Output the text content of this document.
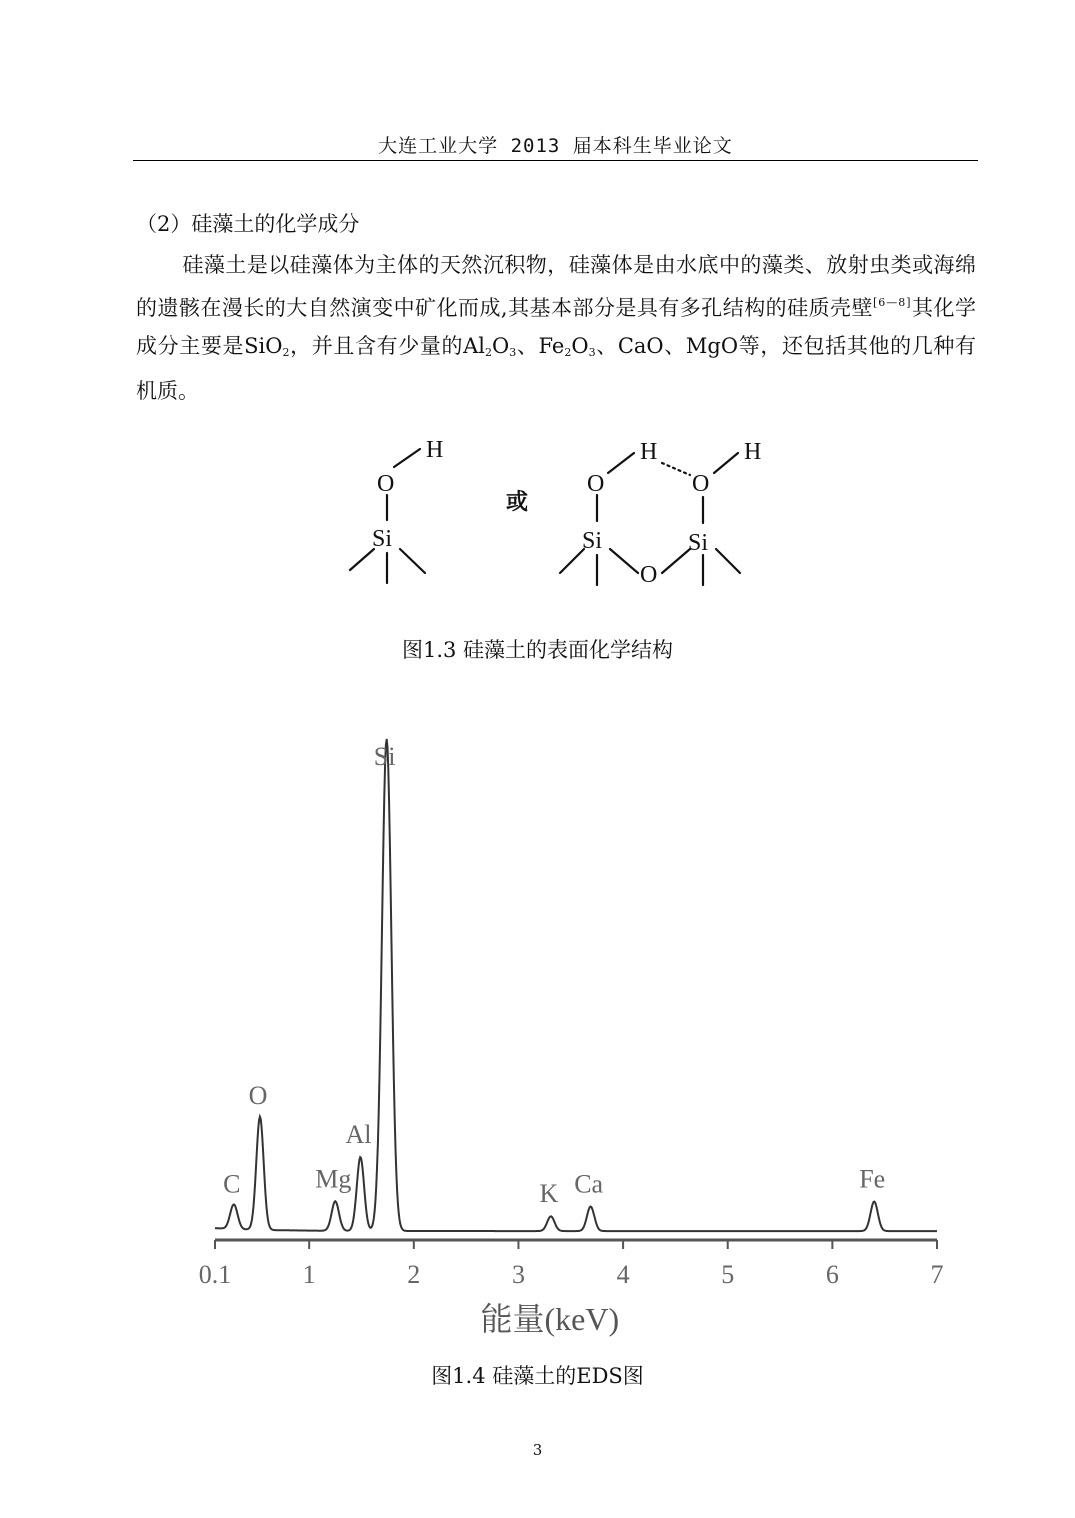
大连工业大学 2013 届本科生毕业论文
（2）硅藻土的化学成分
硅藻土是以硅藻体为主体的天然沉积物，硅藻体是由水底中的藻类、放射虫类或海绵的遗骸在漫长的大自然演变中矿化而成,其基本部分是具有多孔结构的硅质壳壁[6—8]其化学成分主要是SiO$_2$，并且含有少量的$Al_2O_3$、$Fe_2O_3$、CaO、MgO等，还包括其他的几种有机质。
O
H
Si
O
H
O
H
Si	Si
O
或
图1.3 硅藻土的表面化学结构
0.1	1	2	3	4	5	6	7
C
O
Mg
Al
Si
K Ca	Fe
能量(keV)
图1.4 硅藻土的EDS图
3
